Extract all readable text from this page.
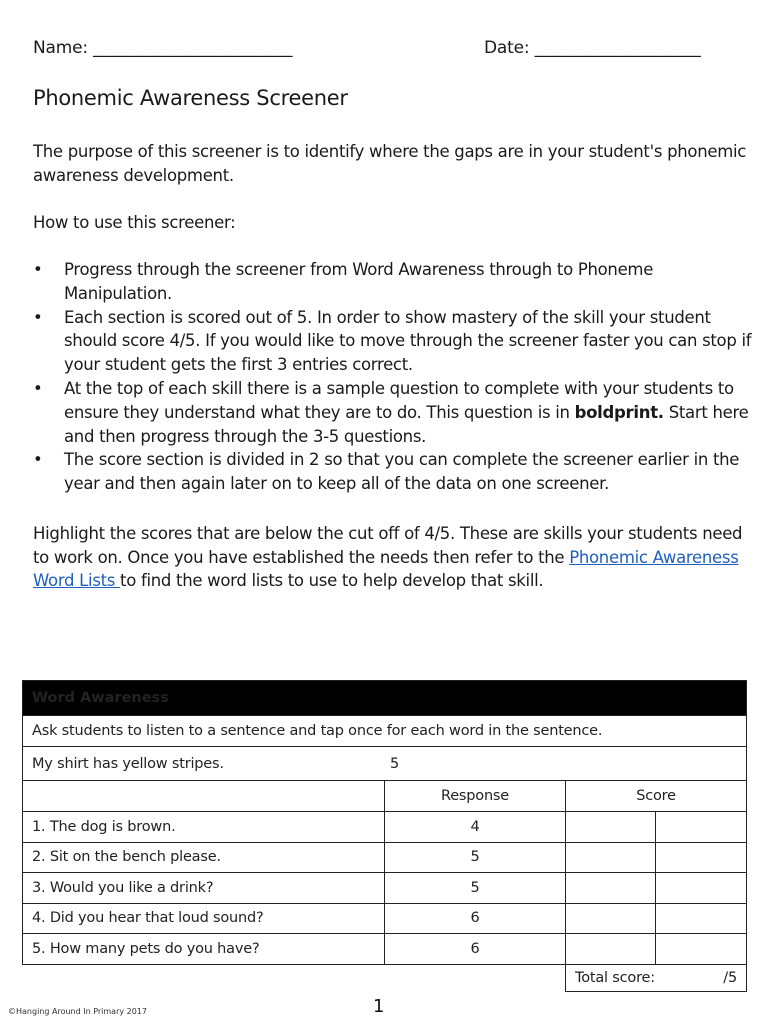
Name: ________________________	Date: ____________________
Phonemic Awareness Screener
The purpose of this screener is to identify where the gaps are in your student's phonemic awareness development.
How to use this screener:
• Progress through the screener from Word Awareness through to Phoneme Manipulation.
• Each section is scored out of 5. In order to show mastery of the skill your student should score 4/5. If you would like to move through the screener faster you can stop if your student gets the first 3 entries correct.
• At the top of each skill there is a sample question to complete with your students to ensure they understand what they are to do. This question is in boldprint. Start here and then progress through the 3-5 questions.
• The score section is divided in 2 so that you can complete the screener earlier in the year and then again later on to keep all of the data on one screener.
Highlight the scores that are below the cut off of 4/5. These are skills your students need to work on. Once you have established the needs then refer to the Phonemic Awareness Word Lists to find the word lists to use to help develop that skill.
Word Awareness			
Ask students to listen to a sentence and tap once for each word in the sentence.			
My shirt has yellow stripes. 5			
	Response	Score	
1. The dog is brown.	4		
2. Sit on the bench please.	5		
3. Would you like a drink?	5		
4. Did you hear that loud sound?	6		
5. How many pets do you have?	6		
		Total score: /5	
©Hanging Around In Primary 2017	1
